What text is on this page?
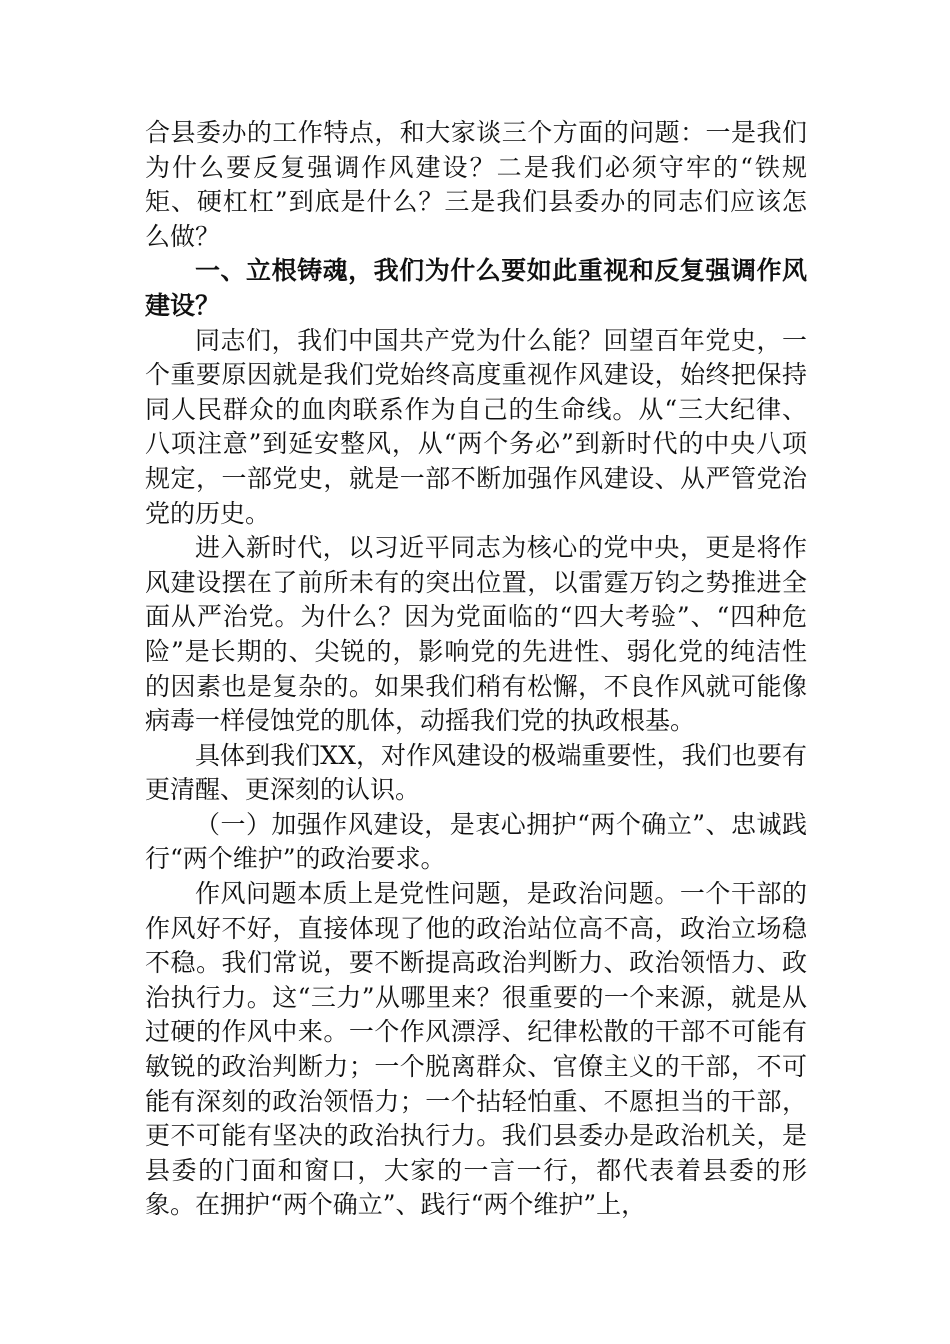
合县委办的工作特点，和大家谈三个方面的问题：一是我们为什么要反复强调作风建设？二是我们必须守牢的“铁规矩、硬杠杠”到底是什么？三是我们县委办的同志们应该怎么做？

一、立根铸魂，我们为什么要如此重视和反复强调作风建设？

同志们，我们中国共产党为什么能？回望百年党史，一个重要原因就是我们党始终高度重视作风建设，始终把保持同人民群众的血肉联系作为自己的生命线。从“三大纪律、八项注意”到延安整风，从“两个务必”到新时代的中央八项规定，一部党史，就是一部不断加强作风建设、从严管党治党的历史。

进入新时代，以习近平同志为核心的党中央，更是将作风建设摆在了前所未有的突出位置，以雷霆万钧之势推进全面从严治党。为什么？因为党面临的“四大考验”、“四种危险”是长期的、尖锐的，影响党的先进性、弱化党的纯洁性的因素也是复杂的。如果我们稍有松懈，不良作风就可能像病毒一样侵蚀党的肌体，动摇我们党的执政根基。

具体到我们XX，对作风建设的极端重要性，我们也要有更清醒、更深刻的认识。

（一）加强作风建设，是衷心拥护“两个确立”、忠诚践行“两个维护”的政治要求。

作风问题本质上是党性问题，是政治问题。一个干部的作风好不好，直接体现了他的政治站位高不高，政治立场稳不稳。我们常说，要不断提高政治判断力、政治领悟力、政治执行力。这“三力”从哪里来？很重要的一个来源，就是从过硬的作风中来。一个作风漂浮、纪律松散的干部不可能有敏锐的政治判断力；一个脱离群众、官僚主义的干部，不可能有深刻的政治领悟力；一个拈轻怕重、不愿担当的干部，更不可能有坚决的政治执行力。我们县委办是政治机关，是县委的门面和窗口，大家的一言一行，都代表着县委的形象。在拥护“两个确立”、践行“两个维护”上，
